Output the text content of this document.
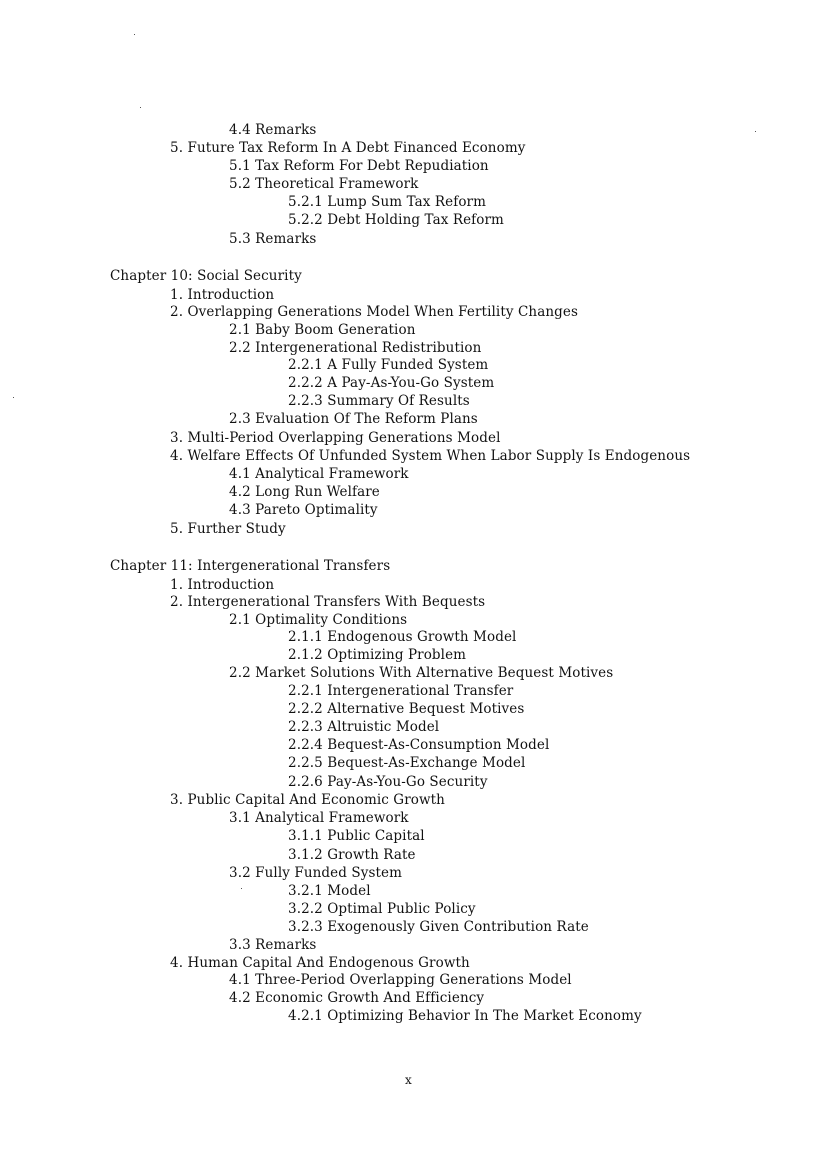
4.4 Remarks
5. Future Tax Reform In A Debt Financed Economy
5.1 Tax Reform For Debt Repudiation
5.2 Theoretical Framework
5.2.1 Lump Sum Tax Reform
5.2.2 Debt Holding Tax Reform
5.3 Remarks
Chapter 10: Social Security
1. Introduction
2. Overlapping Generations Model When Fertility Changes
2.1 Baby Boom Generation
2.2 Intergenerational Redistribution
2.2.1 A Fully Funded System
2.2.2 A Pay-As-You-Go System
2.2.3 Summary Of Results
2.3 Evaluation Of The Reform Plans
3. Multi-Period Overlapping Generations Model
4. Welfare Effects Of Unfunded System When Labor Supply Is Endogenous
4.1 Analytical Framework
4.2 Long Run Welfare
4.3 Pareto Optimality
5. Further Study
Chapter 11: Intergenerational Transfers
1. Introduction
2. Intergenerational Transfers With Bequests
2.1 Optimality Conditions
2.1.1 Endogenous Growth Model
2.1.2 Optimizing Problem
2.2 Market Solutions With Alternative Bequest Motives
2.2.1 Intergenerational Transfer
2.2.2 Alternative Bequest Motives
2.2.3 Altruistic Model
2.2.4 Bequest-As-Consumption Model
2.2.5 Bequest-As-Exchange Model
2.2.6 Pay-As-You-Go Security
3. Public Capital And Economic Growth
3.1 Analytical Framework
3.1.1 Public Capital
3.1.2 Growth Rate
3.2 Fully Funded System
3.2.1 Model
3.2.2 Optimal Public Policy
3.2.3 Exogenously Given Contribution Rate
3.3 Remarks
4. Human Capital And Endogenous Growth
4.1 Three-Period Overlapping Generations Model
4.2 Economic Growth And Efficiency
4.2.1 Optimizing Behavior In The Market Economy
x
